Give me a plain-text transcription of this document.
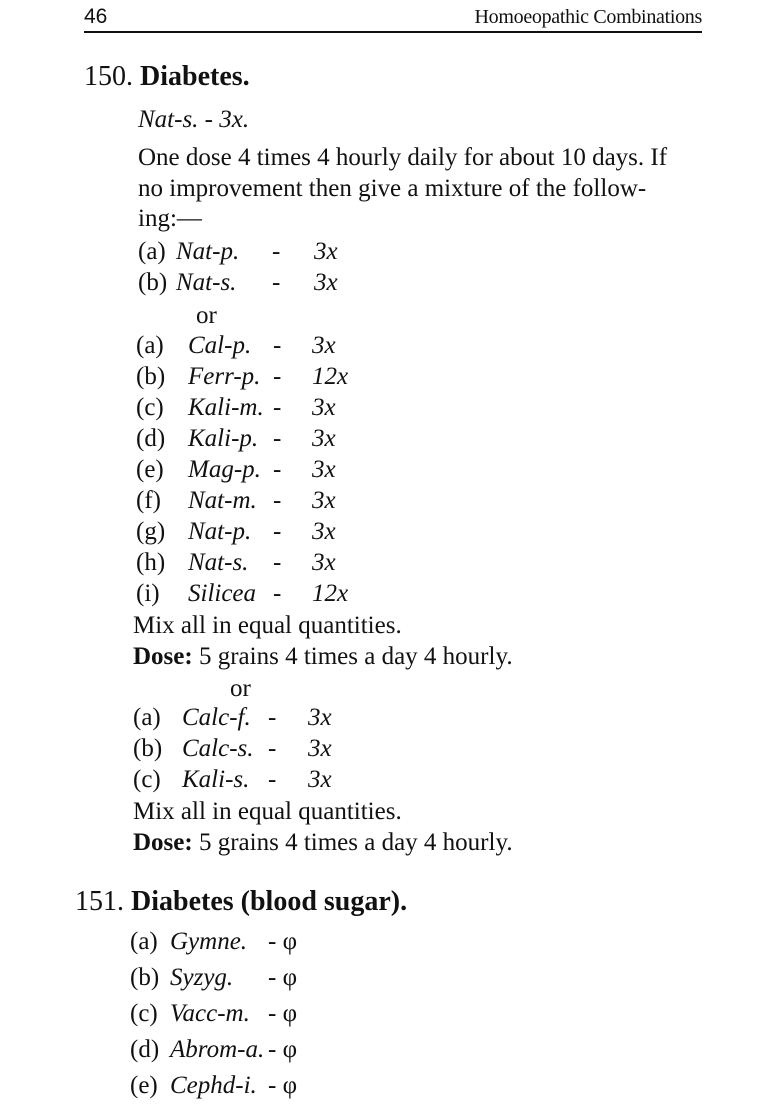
46	Homoeopathic Combinations
150. Diabetes.
Nat-s. - 3x.
One dose 4 times 4 hourly daily for about 10 days. If
no improvement then give a mixture of the follow-
ing:—
or
Mix all in equal quantities.
Dose: 5 grains 4 times a day 4 hourly.
or
Mix all in equal quantities.
Dose: 5 grains 4 times a day 4 hourly.
151. Diabetes (blood sugar).
(a) Nat-p. - 3x
(b) Nat-s. - 3x
(a) Cal-p. - 3x
(b) Ferr-p. - 12x
(c) Kali-m. - 3x
(d) Kali-p. - 3x
(e) Mag-p. - 3x
(f) Nat-m. - 3x
(g) Nat-p. - 3x
(h) Nat-s. - 3x
(i) Silicea - 12x
(a) Calc-f. - 3x
(b) Calc-s. - 3x
(c) Kali-s. - 3x
(a) Gymne. - φ
(b) Syzyg. - φ
(c) Vacc-m. - φ
(d) Abrom-a. - φ
(e) Cephd-i. - φ
